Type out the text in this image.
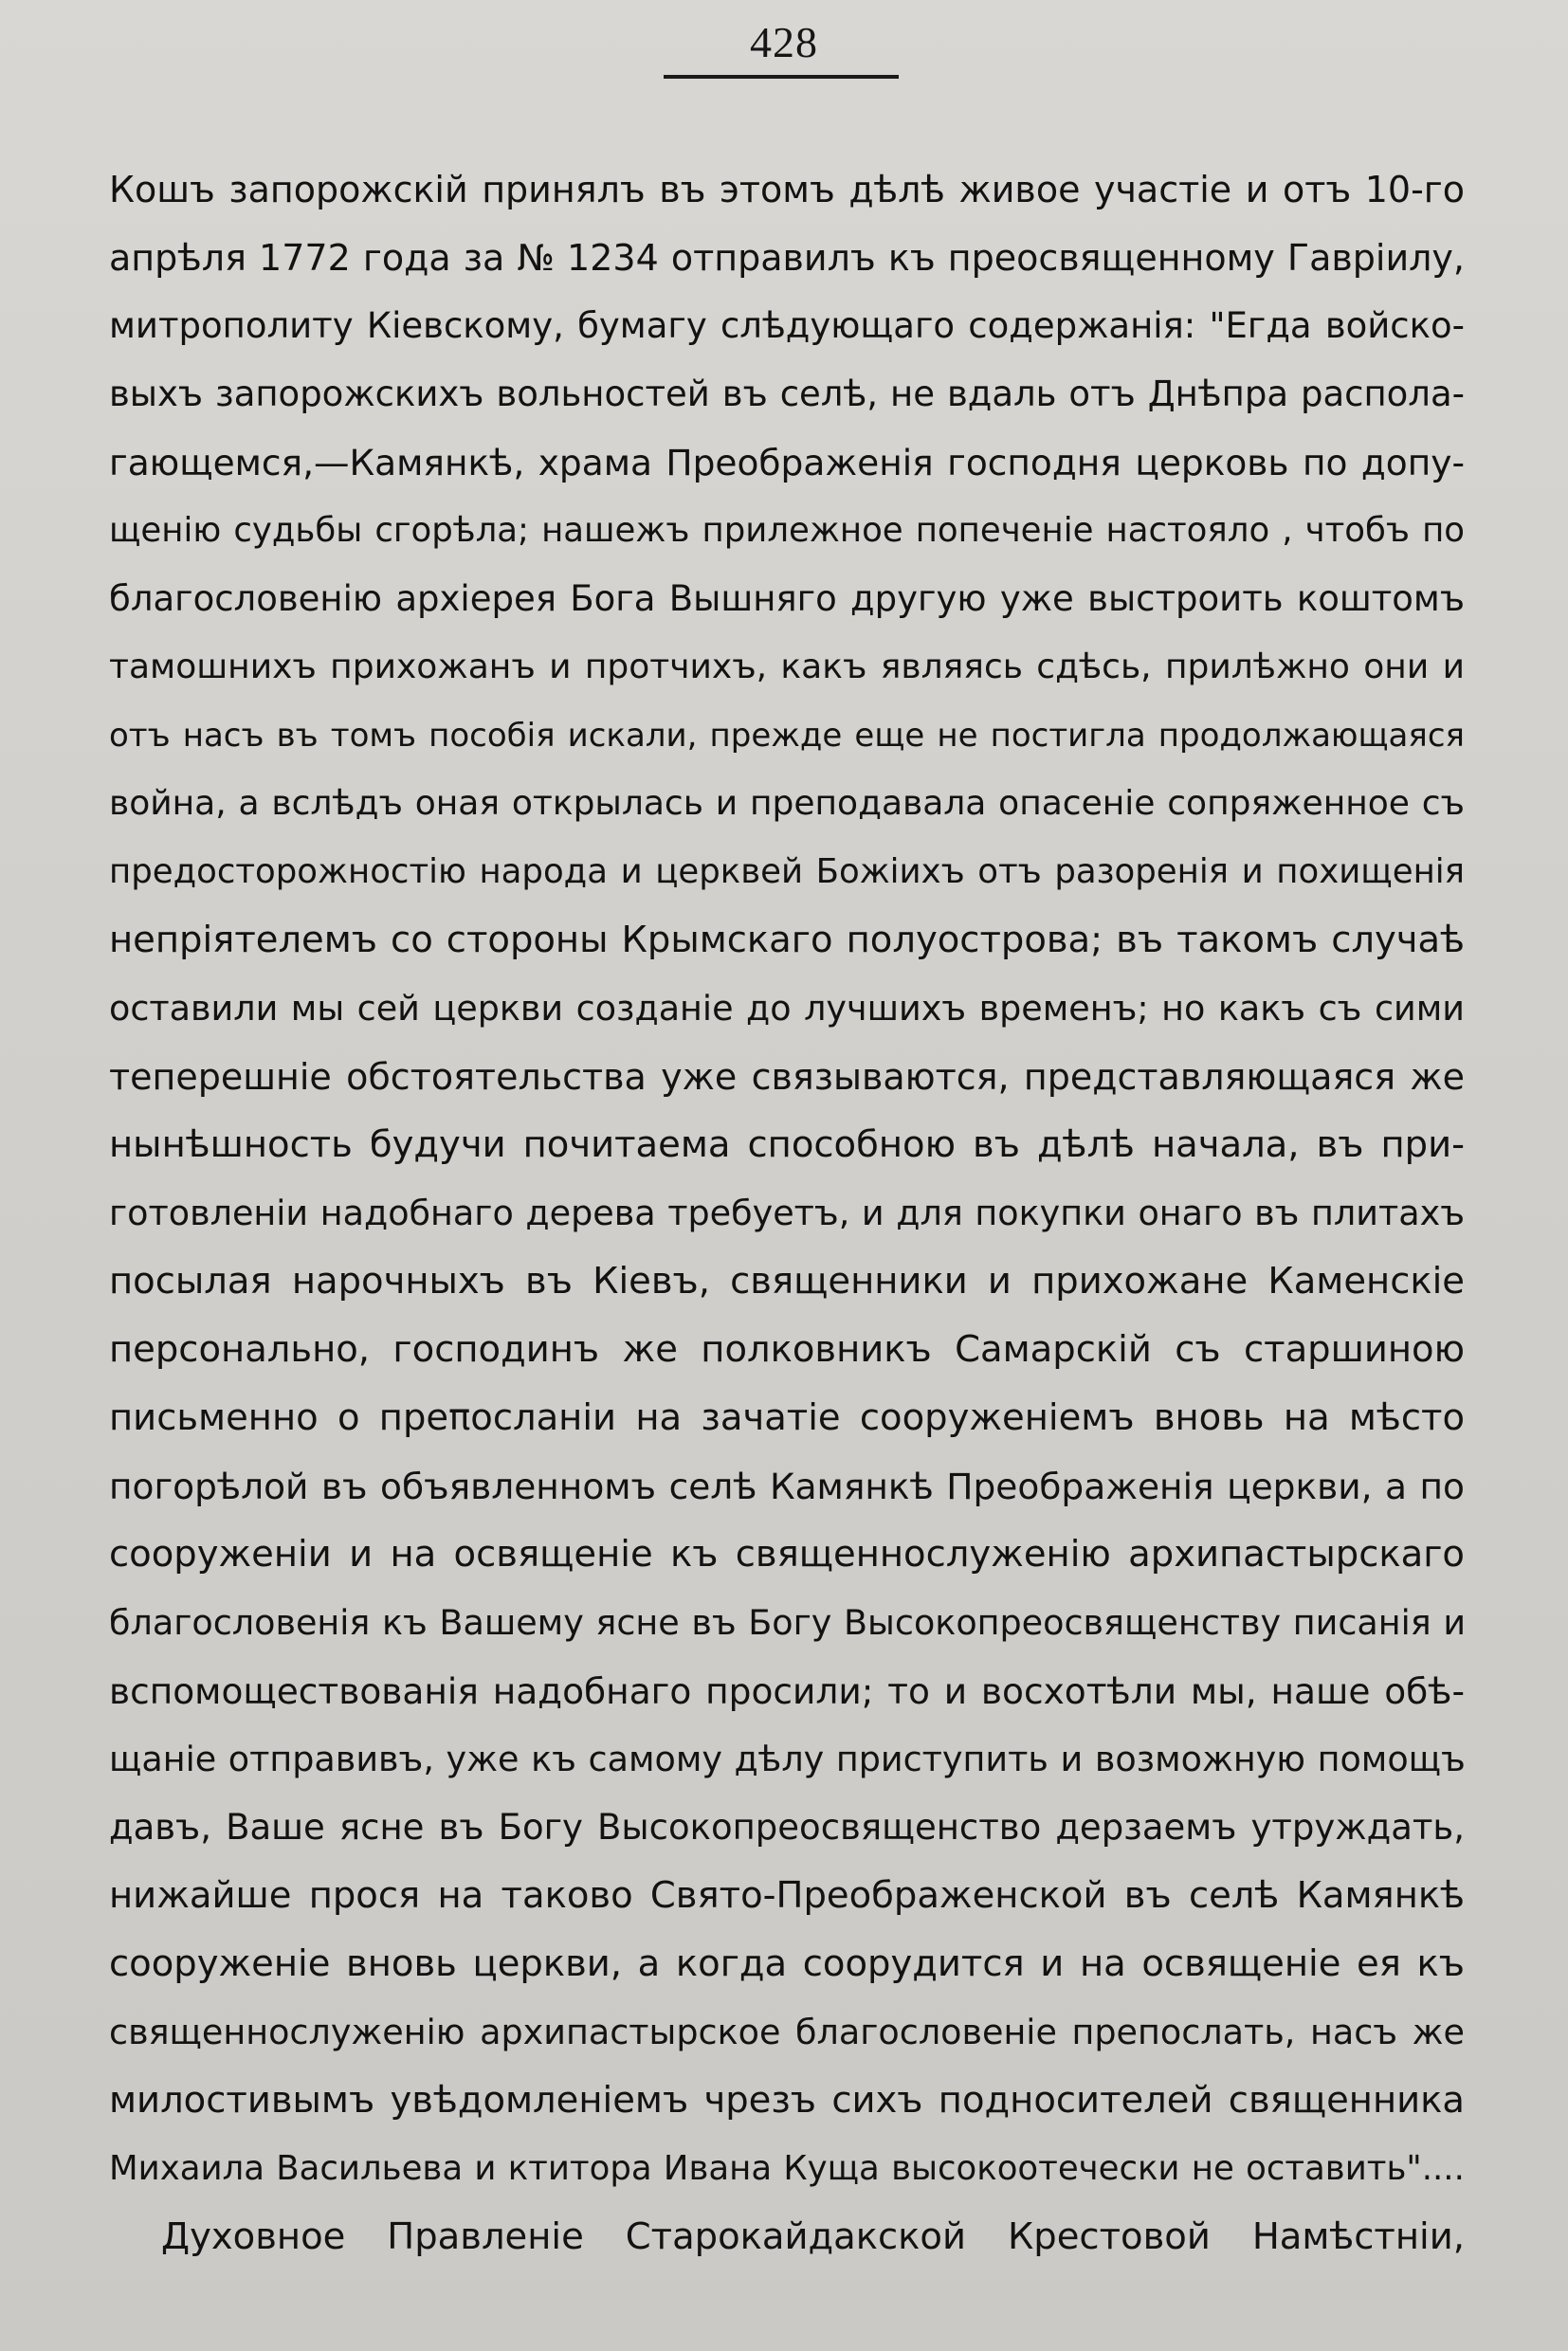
428
Кошъ запорожскій принялъ въ этомъ дѣлѣ живое участіе и отъ 10-го
апрѣля 1772 года за № 1234 отправилъ къ преосвященному Гавріилу,
митрополиту Кіевскому, бумагу слѣдующаго содержанія: "Егда войско-
выхъ запорожскихъ вольностей въ селѣ, не вдаль отъ Днѣпра распола-
гающемся,—Камянкѣ, храма Преображенія господня церковь по допу-
щенію судьбы сгорѣла; нашежъ прилежное попеченіе настояло , чтобъ по
благословенію архіерея Бога Вышняго другую уже выстроить коштомъ
тамошнихъ прихожанъ и протчихъ, какъ являясь сдѣсь, прилѣжно они и
отъ насъ въ томъ пособія искали, прежде еще не постигла продолжающаяся
война, а вслѣдъ оная открылась и преподавала опасеніе сопряженное съ
предосторожностію народа и церквей Божіихъ отъ разоренія и похищенія
непріятелемъ со стороны Крымскаго полуострова; въ такомъ случаѣ
оставили мы сей церкви созданіе до лучшихъ временъ; но какъ съ сими
теперешніе обстоятельства уже связываются, представляющаяся же
нынѣшность будучи почитаема способною въ дѣлѣ начала, въ при-
готовленіи надобнаго дерева требуетъ, и для покупки онаго въ плитахъ
посылая нарочныхъ въ Кіевъ, священники и прихожане Каменскіе
персонально, господинъ же полковникъ Самарскій съ старшиною
письменно о преπосланіи на зачатіе сооруженіемъ вновь на мѣсто
погорѣлой въ объявленномъ селѣ Камянкѣ Преображенія церкви, а по
сооруженіи и на освященіе къ священнослуженію архипастырскаго
благословенія къ Вашему ясне въ Богу Высокопреосвященству писанія и
вспомоществованія надобнаго просили; то и восхотѣли мы, наше обѣ-
щаніе отправивъ, уже къ самому дѣлу приступить и возможную помощъ
давъ, Ваше ясне въ Богу Высокопреосвященство дерзаемъ утруждать,
нижайше прося на таково Свято-Преображенской въ селѣ Камянкѣ
сооруженіе вновь церкви, а когда соорудится и на освященіе ея къ
священнослуженію архипастырское благословеніе препослать, насъ же
милостивымъ увѣдомленіемъ чрезъ сихъ подносителей священника
Михаила Васильева и ктитора Ивана Куща высокоотечески не оставить"....
Духовное Правленіе Старокайдакской Крестовой Намѣстніи,
